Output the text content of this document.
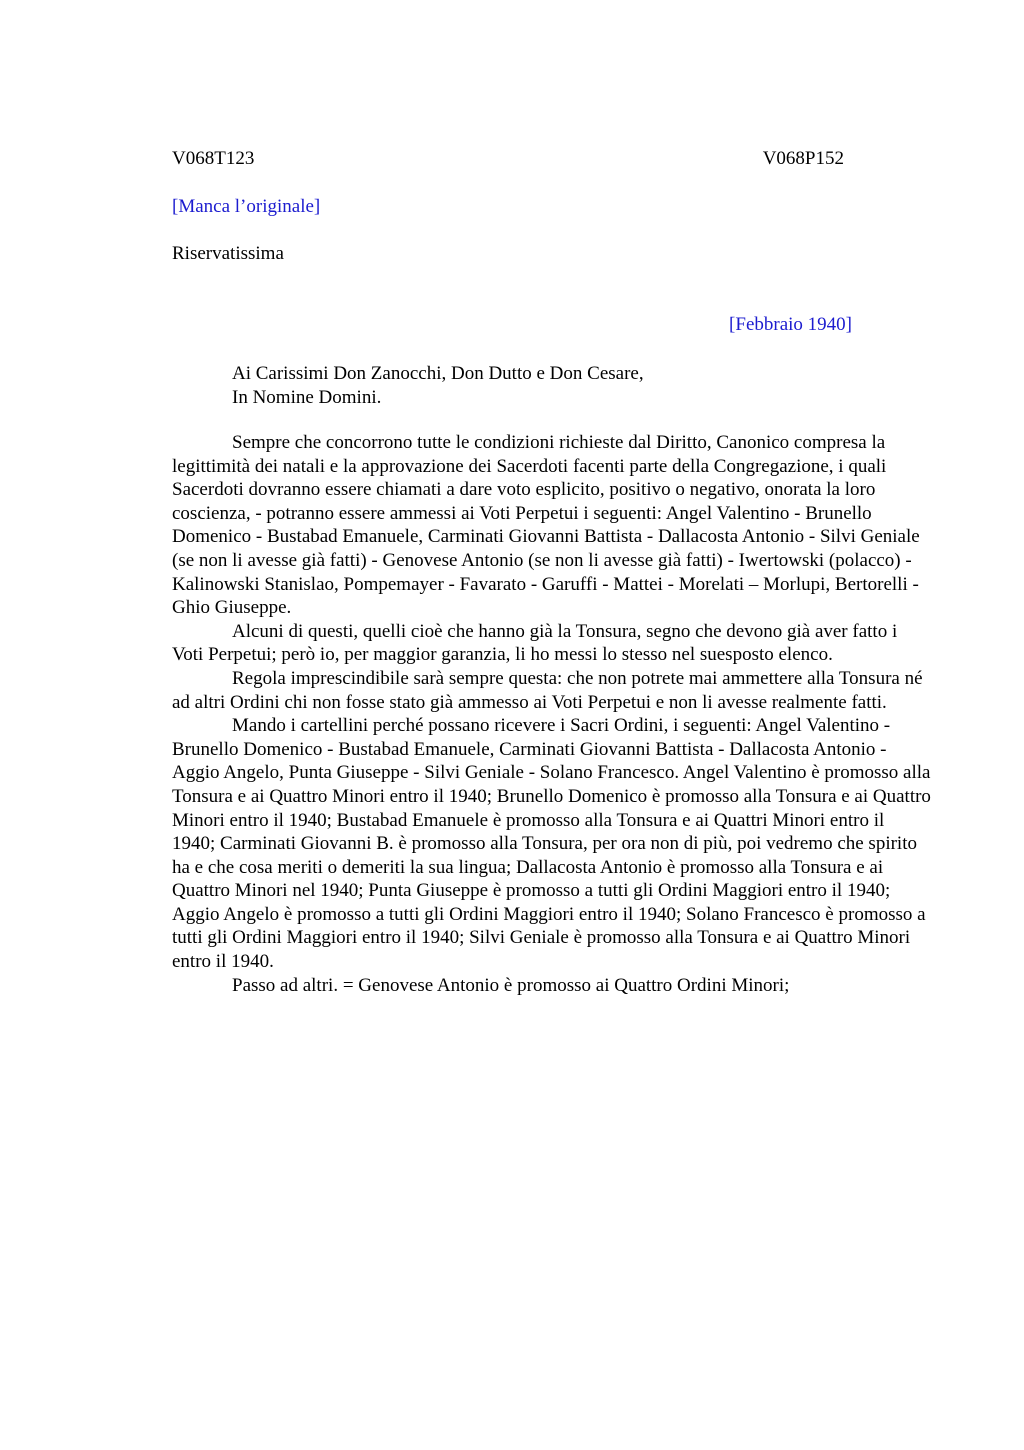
V068T123	V068P152
[Manca l’originale]
Riservatissima
[Febbraio 1940]
Ai Carissimi Don Zanocchi, Don Dutto e Don Cesare,
In Nomine Domini.

Sempre che concorrono tutte le condizioni richieste dal Diritto, Canonico compresa la legittimità dei natali e la approvazione dei Sacerdoti facenti parte della Congregazione, i quali Sacerdoti dovranno essere chiamati a dare voto esplicito, positivo o negativo, onorata la loro coscienza, - potranno essere ammessi ai Voti Perpetui i seguenti: Angel Valentino - Brunello Domenico - Bustabad Emanuele, Carminati Giovanni Battista - Dallacosta Antonio - Silvi Geniale (se non li avesse già fatti) - Genovese Antonio (se non li avesse già fatti) - Iwertowski (polacco) - Kalinowski Stanislao, Pompemayer - Favarato - Garuffi - Mattei - Morelati – Morlupi, Bertorelli - Ghio Giuseppe.

Alcuni di questi, quelli cioè che hanno già la Tonsura, segno che devono già aver fatto i Voti Perpetui; però io, per maggior garanzia, li ho messi lo stesso nel suesposto elenco.

Regola imprescindibile sarà sempre questa: che non potrete mai ammettere alla Tonsura né ad altri Ordini chi non fosse stato già ammesso ai Voti Perpetui e non li avesse realmente fatti.

Mando i cartellini perché possano ricevere i Sacri Ordini, i seguenti: Angel Valentino - Brunello Domenico - Bustabad Emanuele, Carminati Giovanni Battista - Dallacosta Antonio - Aggio Angelo, Punta Giuseppe - Silvi Geniale - Solano Francesco. Angel Valentino è promosso alla Tonsura e ai Quattro Minori entro il 1940; Brunello Domenico è promosso alla Tonsura e ai Quattro Minori entro il 1940; Bustabad Emanuele è promosso alla Tonsura e ai Quattri Minori entro il 1940; Carminati Giovanni B. è promosso alla Tonsura, per ora non di più, poi vedremo che spirito ha e che cosa meriti o demeriti la sua lingua; Dallacosta Antonio è promosso alla Tonsura e ai Quattro Minori nel 1940; Punta Giuseppe è promosso a tutti gli Ordini Maggiori entro il 1940; Aggio Angelo è promosso a tutti gli Ordini Maggiori entro il 1940; Solano Francesco è promosso a tutti gli Ordini Maggiori entro il 1940; Silvi Geniale è promosso alla Tonsura e ai Quattro Minori entro il 1940.

Passo ad altri. = Genovese Antonio è promosso ai Quattro Ordini Minori;
